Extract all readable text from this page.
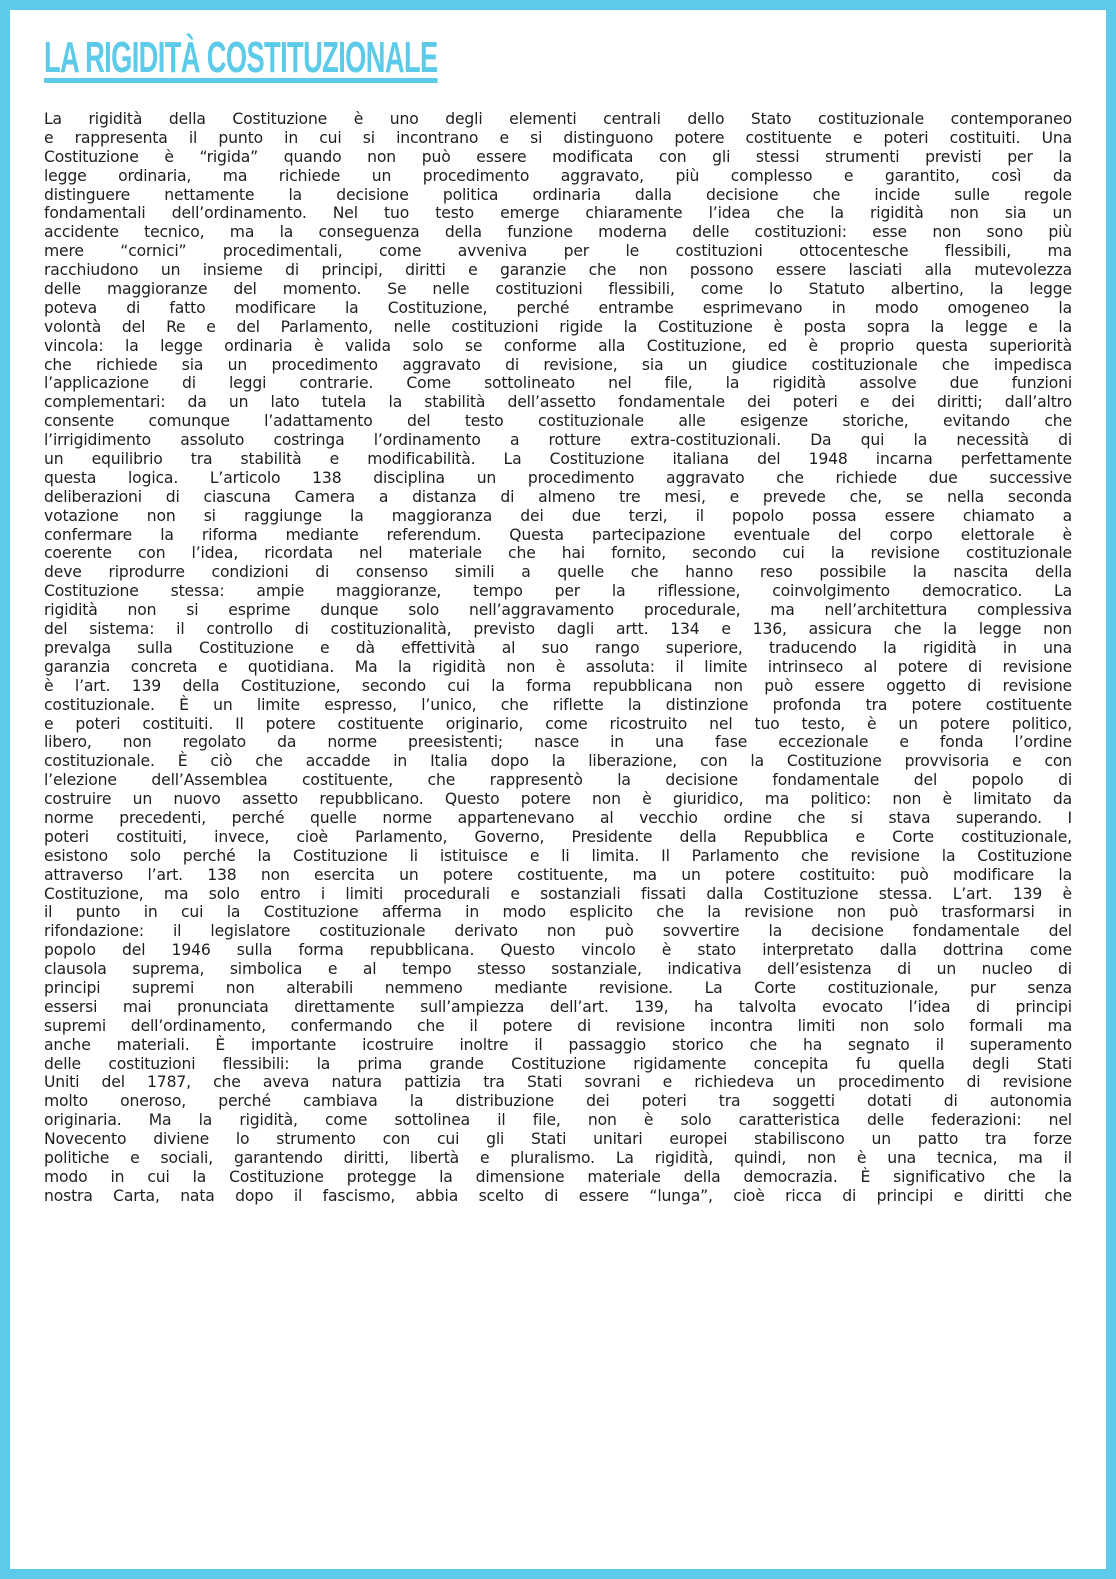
LA RIGIDITÀ COSTITUZIONALE
La rigidità della Costituzione è uno degli elementi centrali dello Stato costituzionale contemporaneo
e rappresenta il punto in cui si incontrano e si distinguono potere costituente e poteri costituiti. Una
Costituzione è “rigida” quando non può essere modificata con gli stessi strumenti previsti per la
legge ordinaria, ma richiede un procedimento aggravato, più complesso e garantito, così da
distinguere nettamente la decisione politica ordinaria dalla decisione che incide sulle regole
fondamentali dell’ordinamento. Nel tuo testo emerge chiaramente l’idea che la rigidità non sia un
accidente tecnico, ma la conseguenza della funzione moderna delle costituzioni: esse non sono più
mere “cornici” procedimentali, come avveniva per le costituzioni ottocentesche flessibili, ma
racchiudono un insieme di principi, diritti e garanzie che non possono essere lasciati alla mutevolezza
delle maggioranze del momento. Se nelle costituzioni flessibili, come lo Statuto albertino, la legge
poteva di fatto modificare la Costituzione, perché entrambe esprimevano in modo omogeneo la
volontà del Re e del Parlamento, nelle costituzioni rigide la Costituzione è posta sopra la legge e la
vincola: la legge ordinaria è valida solo se conforme alla Costituzione, ed è proprio questa superiorità
che richiede sia un procedimento aggravato di revisione, sia un giudice costituzionale che impedisca
l’applicazione di leggi contrarie. Come sottolineato nel file, la rigidità assolve due funzioni
complementari: da un lato tutela la stabilità dell’assetto fondamentale dei poteri e dei diritti; dall’altro
consente comunque l’adattamento del testo costituzionale alle esigenze storiche, evitando che
l’irrigidimento assoluto costringa l’ordinamento a rotture extra-costituzionali. Da qui la necessità di
un equilibrio tra stabilità e modificabilità. La Costituzione italiana del 1948 incarna perfettamente
questa logica. L’articolo 138 disciplina un procedimento aggravato che richiede due successive
deliberazioni di ciascuna Camera a distanza di almeno tre mesi, e prevede che, se nella seconda
votazione non si raggiunge la maggioranza dei due terzi, il popolo possa essere chiamato a
confermare la riforma mediante referendum. Questa partecipazione eventuale del corpo elettorale è
coerente con l’idea, ricordata nel materiale che hai fornito, secondo cui la revisione costituzionale
deve riprodurre condizioni di consenso simili a quelle che hanno reso possibile la nascita della
Costituzione stessa: ampie maggioranze, tempo per la riflessione, coinvolgimento democratico. La
rigidità non si esprime dunque solo nell’aggravamento procedurale, ma nell’architettura complessiva
del sistema: il controllo di costituzionalità, previsto dagli artt. 134 e 136, assicura che la legge non
prevalga sulla Costituzione e dà effettività al suo rango superiore, traducendo la rigidità in una
garanzia concreta e quotidiana. Ma la rigidità non è assoluta: il limite intrinseco al potere di revisione
è l’art. 139 della Costituzione, secondo cui la forma repubblicana non può essere oggetto di revisione
costituzionale. È un limite espresso, l’unico, che riflette la distinzione profonda tra potere costituente
e poteri costituiti. Il potere costituente originario, come ricostruito nel tuo testo, è un potere politico,
libero, non regolato da norme preesistenti; nasce in una fase eccezionale e fonda l’ordine
costituzionale. È ciò che accadde in Italia dopo la liberazione, con la Costituzione provvisoria e con
l’elezione dell’Assemblea costituente, che rappresentò la decisione fondamentale del popolo di
costruire un nuovo assetto repubblicano. Questo potere non è giuridico, ma politico: non è limitato da
norme precedenti, perché quelle norme appartenevano al vecchio ordine che si stava superando. I
poteri costituiti, invece, cioè Parlamento, Governo, Presidente della Repubblica e Corte costituzionale,
esistono solo perché la Costituzione li istituisce e li limita. Il Parlamento che revisione la Costituzione
attraverso l’art. 138 non esercita un potere costituente, ma un potere costituito: può modificare la
Costituzione, ma solo entro i limiti procedurali e sostanziali fissati dalla Costituzione stessa. L’art. 139 è
il punto in cui la Costituzione afferma in modo esplicito che la revisione non può trasformarsi in
rifondazione: il legislatore costituzionale derivato non può sovvertire la decisione fondamentale del
popolo del 1946 sulla forma repubblicana. Questo vincolo è stato interpretato dalla dottrina come
clausola suprema, simbolica e al tempo stesso sostanziale, indicativa dell’esistenza di un nucleo di
principi supremi non alterabili nemmeno mediante revisione. La Corte costituzionale, pur senza
essersi mai pronunciata direttamente sull’ampiezza dell’art. 139, ha talvolta evocato l’idea di principi
supremi dell’ordinamento, confermando che il potere di revisione incontra limiti non solo formali ma
anche materiali. È importante icostruire inoltre il passaggio storico che ha segnato il superamento
delle costituzioni flessibili: la prima grande Costituzione rigidamente concepita fu quella degli Stati
Uniti del 1787, che aveva natura pattizia tra Stati sovrani e richiedeva un procedimento di revisione
molto oneroso, perché cambiava la distribuzione dei poteri tra soggetti dotati di autonomia
originaria. Ma la rigidità, come sottolinea il file, non è solo caratteristica delle federazioni: nel
Novecento diviene lo strumento con cui gli Stati unitari europei stabiliscono un patto tra forze
politiche e sociali, garantendo diritti, libertà e pluralismo. La rigidità, quindi, non è una tecnica, ma il
modo in cui la Costituzione protegge la dimensione materiale della democrazia. È significativo che la
nostra Carta, nata dopo il fascismo, abbia scelto di essere “lunga”, cioè ricca di principi e diritti che
